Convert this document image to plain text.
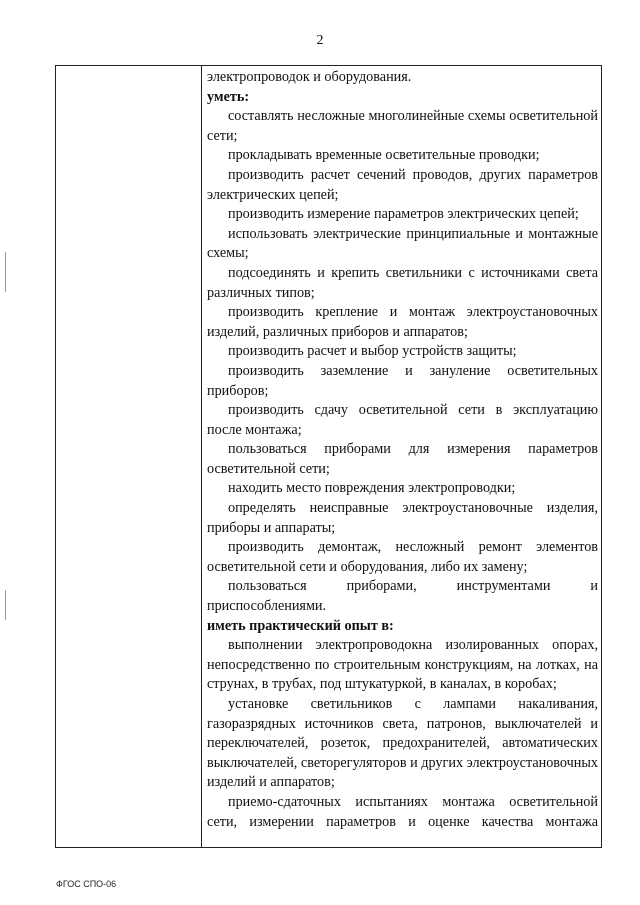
2

электропроводок и оборудования.

уметь:

составлять несложные многолинейные схемы осветительной сети;

прокладывать временные осветительные проводки;

производить расчет сечений проводов, других параметров электрических цепей;

производить измерение параметров электрических цепей;

использовать электрические принципиальные и монтажные схемы;

подсоединять и крепить светильники с источниками света различных типов;

производить крепление и монтаж электроустановочных изделий, различных приборов и аппаратов;

производить расчет и выбор устройств защиты;

производить заземление и зануление осветительных приборов;

производить сдачу осветительной сети в эксплуатацию после монтажа;

пользоваться приборами для измерения параметров осветительной сети;

находить место повреждения электропроводки;

определять неисправные электроустановочные изделия, приборы и аппараты;

производить демонтаж, несложный ремонт элементов осветительной сети и оборудования, либо их замену;

пользоваться приборами, инструментами и приспособлениями.

иметь практический опыт в:

выполнении электропроводокна изолированных опорах, непосредственно по строительным конструкциям, на лотках, на струнах, в трубах, под штукатуркой, в каналах, в коробах;

установке светильников с лампами накаливания, газоразрядных источников света, патронов, выключателей и переключателей, розеток, предохранителей, автоматических выключателей, светорегуляторов и других электроустановочных изделий и аппаратов;

приемо-сдаточных испытаниях монтажа осветительной сети, измерении параметров и оценке качества монтажа

ФГОС СПО-06
